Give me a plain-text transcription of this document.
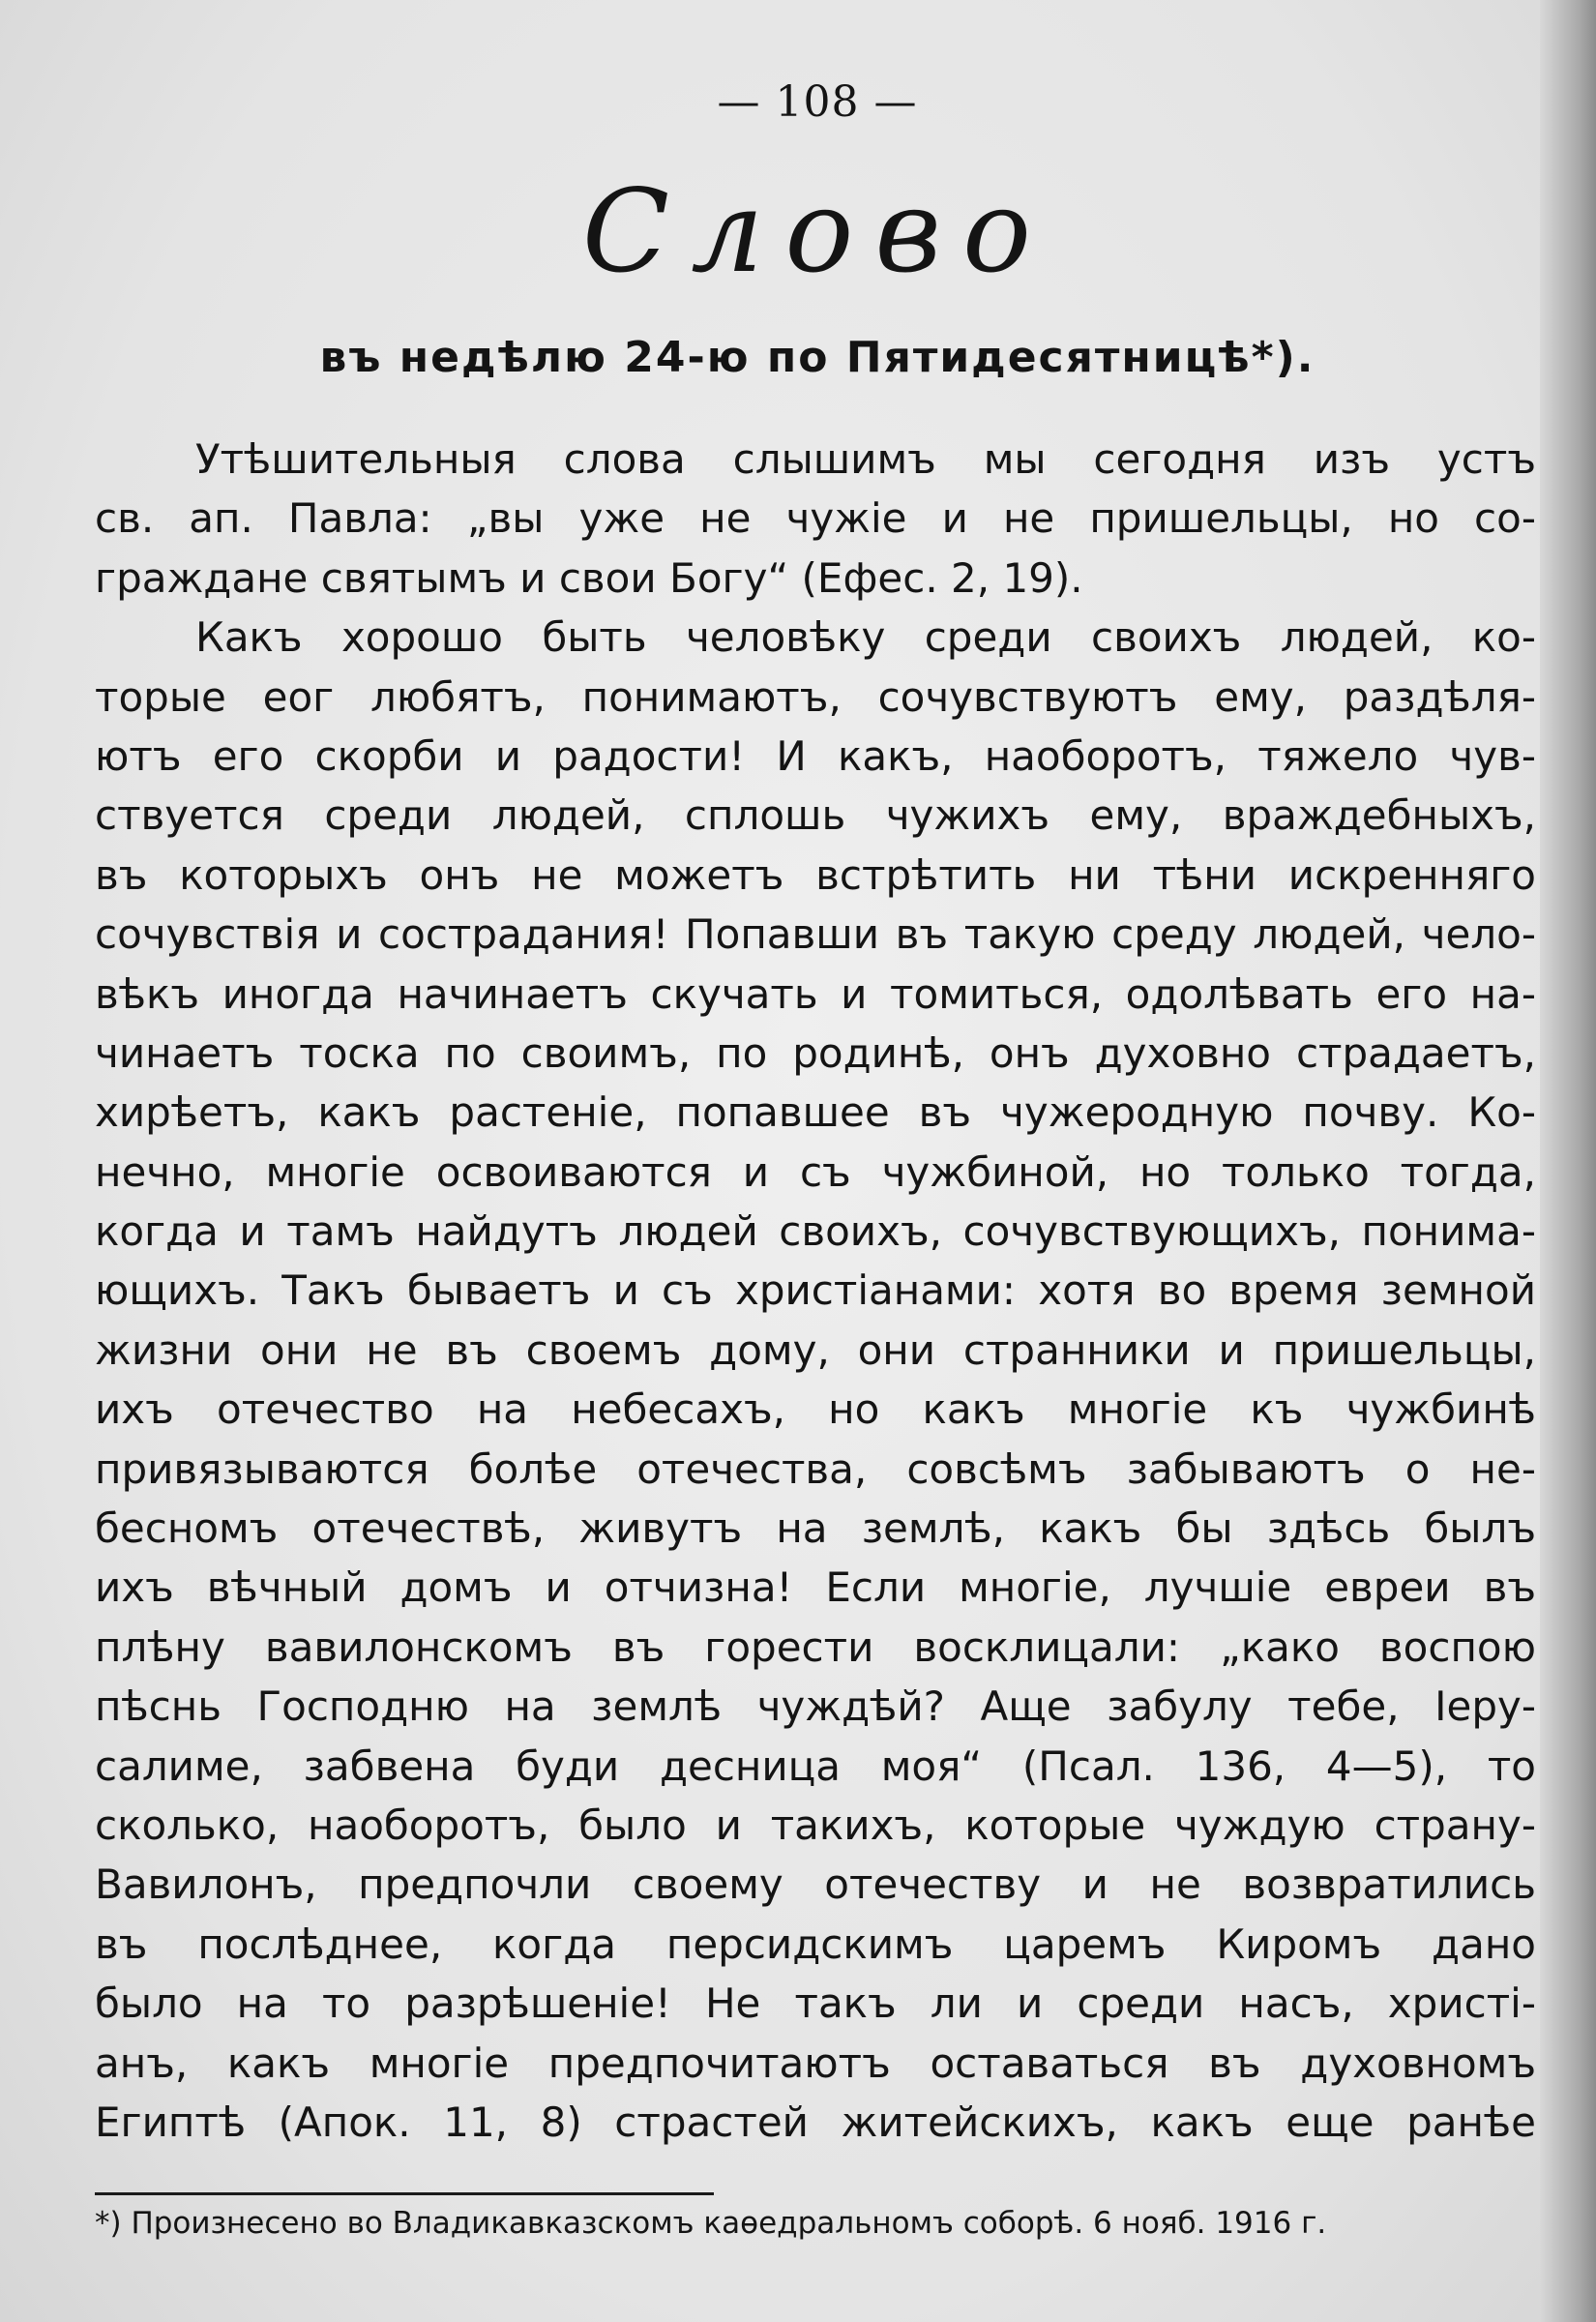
— 108 —
Слово
въ недѣлю 24-ю по Пятидесятницѣ*).
Утѣшительныя слова слышимъ мы сегодня изъ устъ
св. ап. Павла: „вы уже не чужіе и не пришельцы, но со-
граждане святымъ и свои Богу“ (Ефес. 2, 19).
Какъ хорошо быть человѣку среди своихъ людей, ко-
торые еог любятъ, понимаютъ, сочувствуютъ ему, раздѣля-
ютъ его скорби и радости! И какъ, наоборотъ, тяжело чув-
ствуется среди людей, сплошь чужихъ ему, враждебныхъ,
въ которыхъ онъ не можетъ встрѣтить ни тѣни искренняго
сочувствія и сострадания! Попавши въ такую среду людей, чело-
вѣкъ иногда начинаетъ скучать и томиться, одолѣвать его на-
чинаетъ тоска по своимъ, по родинѣ, онъ духовно страдаетъ,
хирѣетъ, какъ растеніе, попавшее въ чужеродную почву. Ко-
нечно, многіе освоиваются и съ чужбиной, но только тогда,
когда и тамъ найдутъ людей своихъ, сочувствующихъ, понима-
ющихъ. Такъ бываетъ и съ христіанами: хотя во время земной
жизни они не въ своемъ дому, они странники и пришельцы,
ихъ отечество на небесахъ, но какъ многіе къ чужбинѣ
привязываются болѣе отечества, совсѣмъ забываютъ о не-
бесномъ отечествѣ, живутъ на землѣ, какъ бы здѣсь былъ
ихъ вѣчный домъ и отчизна! Если многіе, лучшіе евреи въ
плѣну вавилонскомъ въ горести восклицали: „како воспою
пѣснь Господню на землѣ чуждѣй? Аще забулу тебе, Іеру-
салиме, забвена буди десница моя“ (Псал. 136, 4—5), то
сколько, наоборотъ, было и такихъ, которые чуждую страну-
Вавилонъ, предпочли своему отечеству и не возвратились
въ послѣднее, когда персидскимъ царемъ Киромъ дано
было на то разрѣшеніе! Не такъ ли и среди насъ, христі-
анъ, какъ многіе предпочитаютъ оставаться въ духовномъ
Египтѣ (Апок. 11, 8) страстей житейскихъ, какъ еще ранѣе
*) Произнесено во Владикавказскомъ каѳедральномъ соборѣ. 6 нояб. 1916 г.
